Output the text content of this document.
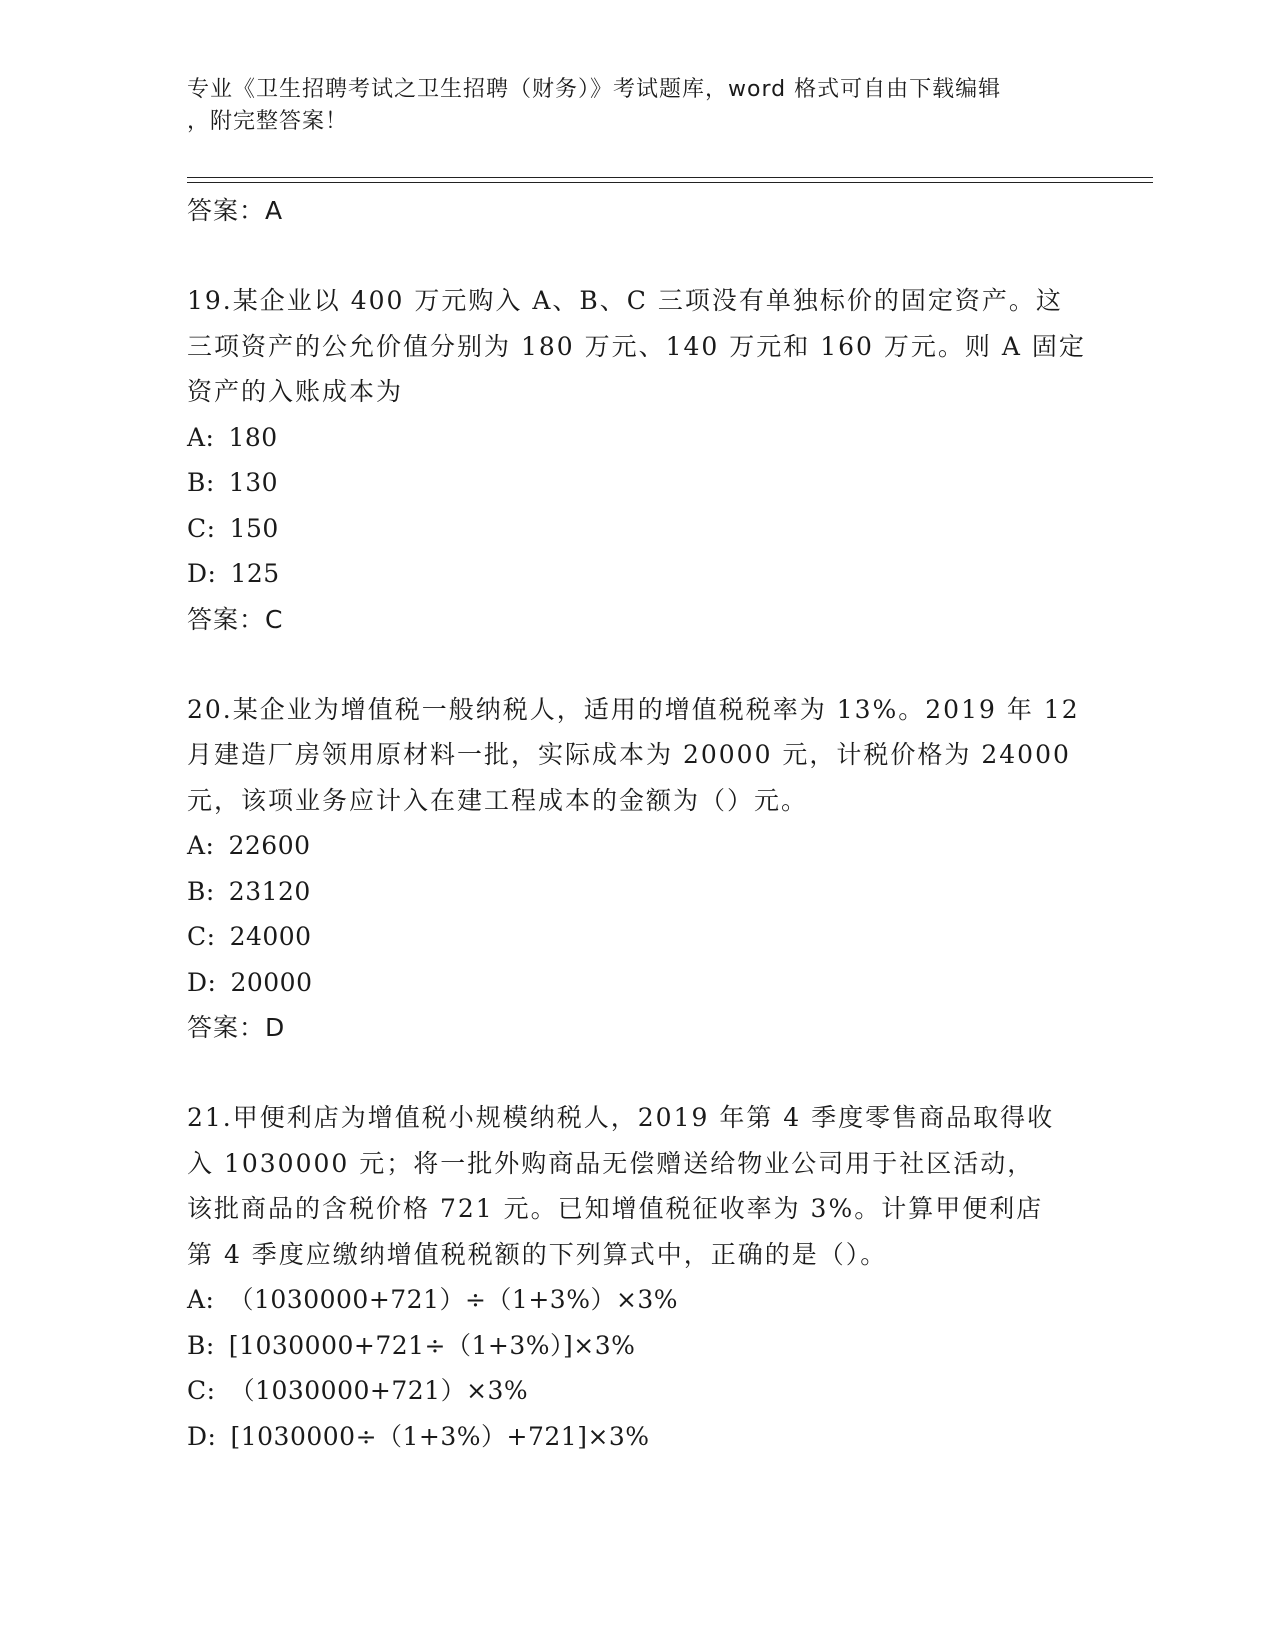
专业《卫生招聘考试之卫生招聘（财务）》考试题库，word 格式可自由下载编辑
，附完整答案！
答案：A
19.某企业以 400 万元购入 A、B、C 三项没有单独标价的固定资产。这
三项资产的公允价值分别为 180 万元、140 万元和 160 万元。则 A 固定
资产的入账成本为
A: 180
B: 130
C: 150
D: 125
答案：C
20.某企业为增值税一般纳税人，适用的增值税税率为 13%。2019 年 12
月建造厂房领用原材料一批，实际成本为 20000 元，计税价格为 24000
元，该项业务应计入在建工程成本的金额为（）元。
A: 22600
B: 23120
C: 24000
D: 20000
答案：D
21.甲便利店为增值税小规模纳税人，2019 年第 4 季度零售商品取得收
入 1030000 元；将一批外购商品无偿赠送给物业公司用于社区活动，
该批商品的含税价格 721 元。已知增值税征收率为 3%。计算甲便利店
第 4 季度应缴纳增值税税额的下列算式中，正确的是（）。
A: （1030000+721）÷（1+3%）×3%
B: [1030000+721÷（1+3%）]×3%
C: （1030000+721）×3%
D: [1030000÷（1+3%）+721]×3%
